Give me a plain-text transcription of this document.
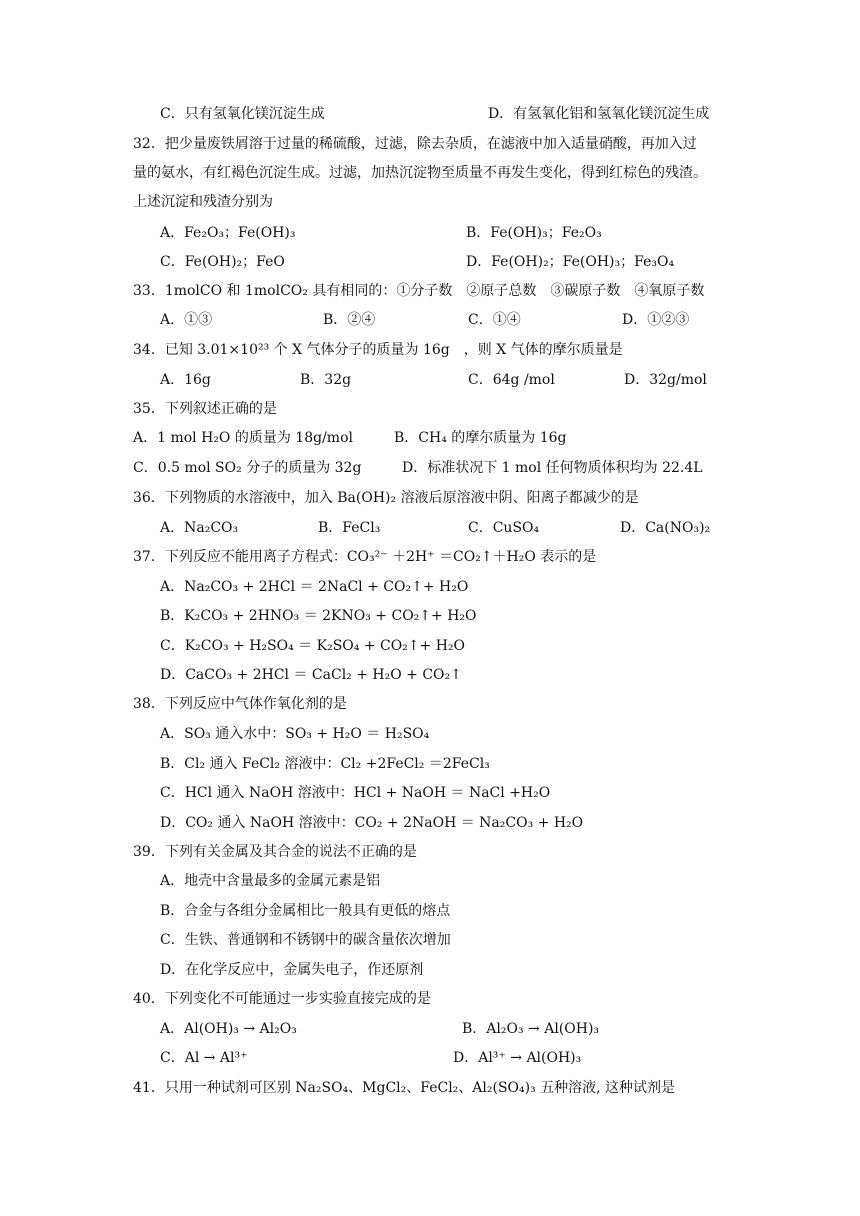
C．只有氢氧化镁沉淀生成	D．有氢氧化铝和氢氧化镁沉淀生成
32．把少量废铁屑溶于过量的稀硫酸，过滤，除去杂质，在滤液中加入适量硝酸，再加入过
量的氨水，有红褐色沉淀生成。过滤，加热沉淀物至质量不再发生变化，得到红棕色的残渣。
上述沉淀和残渣分别为
A．Fe₂O₃；Fe(OH)₃	B．Fe(OH)₃；Fe₂O₃
C．Fe(OH)₂；FeO	D．Fe(OH)₂；Fe(OH)₃；Fe₃O₄
33．1molCO 和 1molCO₂ 具有相同的：①分子数　②原子总数　③碳原子数　④氧原子数
A．①③	B．②④	C．①④	D．①②③
34．已知 3.01×10²³ 个 X 气体分子的质量为 16g　，则 X 气体的摩尔质量是
A．16g	B．32g	C．64g /mol	D．32g/mol
35．下列叙述正确的是
A．1 mol H₂O 的质量为 18g/mol	B．CH₄ 的摩尔质量为 16g
C．0.5 mol SO₂ 分子的质量为 32g	D．标准状况下 1 mol 任何物质体积均为 22.4L
36．下列物质的水溶液中，加入 Ba(OH)₂ 溶液后原溶液中阴、阳离子都减少的是
A．Na₂CO₃	B．FeCl₃	C．CuSO₄	D．Ca(NO₃)₂
37．下列反应不能用离子方程式：CO₃²⁻ ＋2H⁺ ＝CO₂↑＋H₂O 表示的是
A．Na₂CO₃ + 2HCl ＝ 2NaCl + CO₂↑+ H₂O
B．K₂CO₃ + 2HNO₃ ＝ 2KNO₃ + CO₂↑+ H₂O
C．K₂CO₃ + H₂SO₄ ＝ K₂SO₄ + CO₂↑+ H₂O
D．CaCO₃ + 2HCl ＝ CaCl₂ + H₂O + CO₂↑
38．下列反应中气体作氧化剂的是
A．SO₃ 通入水中：SO₃ + H₂O ＝ H₂SO₄
B．Cl₂ 通入 FeCl₂ 溶液中：Cl₂ +2FeCl₂ ＝2FeCl₃
C．HCl 通入 NaOH 溶液中：HCl + NaOH ＝ NaCl +H₂O
D．CO₂ 通入 NaOH 溶液中：CO₂ + 2NaOH ＝ Na₂CO₃ + H₂O
39．下列有关金属及其合金的说法不正确的是
A．地壳中含量最多的金属元素是铝
B．合金与各组分金属相比一般具有更低的熔点
C．生铁、普通钢和不锈钢中的碳含量依次增加
D．在化学反应中，金属失电子，作还原剂
40．下列变化不可能通过一步实验直接完成的是
A．Al(OH)₃ → Al₂O₃	B．Al₂O₃ → Al(OH)₃
C．Al → Al³⁺	D．Al³⁺ → Al(OH)₃
41．只用一种试剂可区别 Na₂SO₄、MgCl₂、FeCl₂、Al₂(SO₄)₃ 五种溶液, 这种试剂是
